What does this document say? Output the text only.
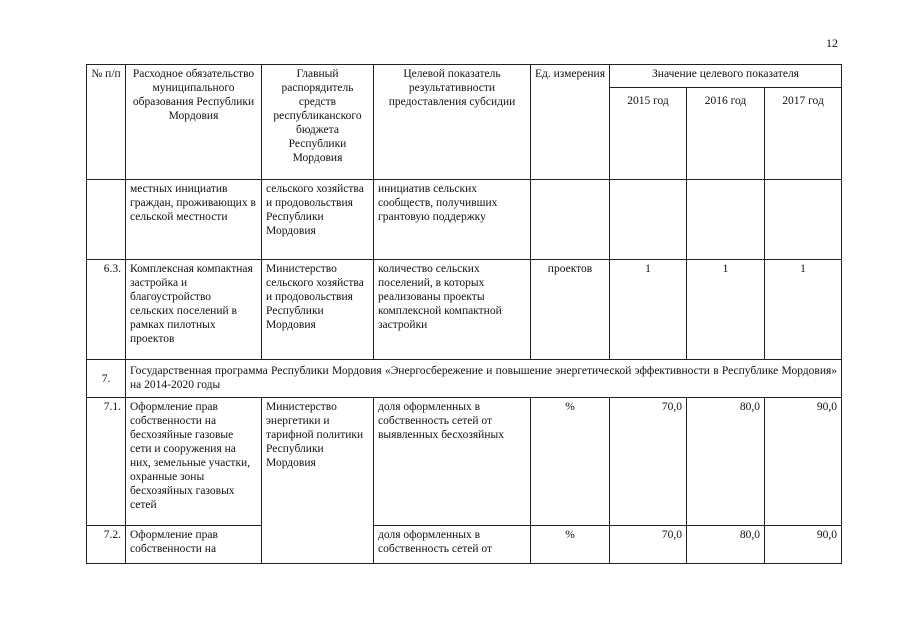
12
№ п/п	Расходное обязательство муниципального образования Республики Мордовия	Главный распорядитель средств республиканского бюджета Республики Мордовия	Целевой показатель результативности предоставления субсидии	Ед. измерения	Значение целевого показателя		
					2015 год	2016 год	2017 год
	местных инициатив граждан, проживающих в сельской местности	сельского хозяйства и продовольствия Республики Мордовия	инициатив сельских сообществ, получивших грантовую поддержку				
6.3.	Комплексная компактная застройка и благоустройство сельских поселений в рамках пилотных проектов	Министерство сельского хозяйства и продовольствия Республики Мордовия	количество сельских поселений, в которых реализованы проекты комплексной компактной застройки	проектов	1	1	1
7.	Государственная программа Республики Мордовия «Энергосбережение и повышение энергетической эффективности в Республике Мордовия» на 2014-2020 годы						
7.1.	Оформление прав собственности на бесхозяйные газовые сети и сооружения на них, земельные участки, охранные зоны бесхозяйных газовых сетей	Министерство энергетики и тарифной политики Республики Мордовия	доля оформленных в собственность сетей от выявленных бесхозяйных	%	70,0	80,0	90,0
7.2.	Оформление прав собственности на		доля оформленных в собственность сетей от	%	70,0	80,0	90,0
